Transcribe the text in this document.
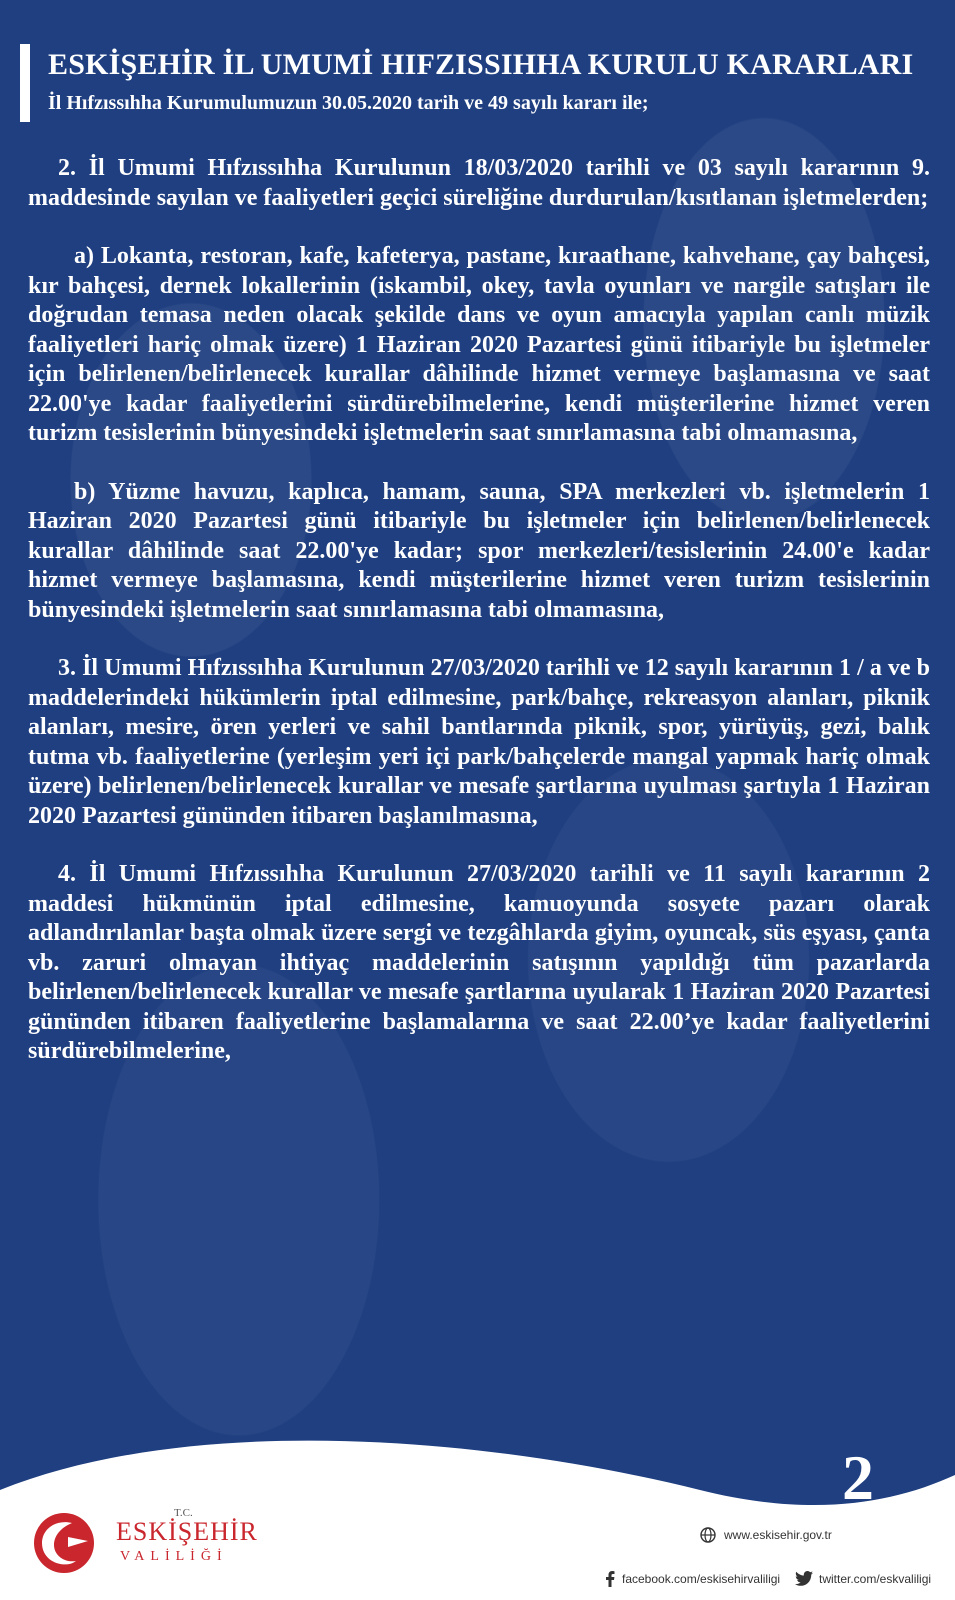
ESKİŞEHİR İL UMUMİ HIFZISSIHHA KURULU KARARLARI
İl Hıfzıssıhha Kurumulumuzun 30.05.2020 tarih ve 49 sayılı kararı ile;

2. İl Umumi Hıfzıssıhha Kurulunun 18/03/2020 tarihli ve 03 sayılı kararının 9. maddesinde sayılan ve faaliyetleri geçici süreliğine durdurulan/kısıtlanan işletmelerden;

a) Lokanta, restoran, kafe, kafeterya, pastane, kıraathane, kahvehane, çay bahçesi, kır bahçesi, dernek lokallerinin (iskambil, okey, tavla oyunları ve nargile satışları ile doğrudan temasa neden olacak şekilde dans ve oyun amacıyla yapılan canlı müzik faaliyetleri hariç olmak üzere) 1 Haziran 2020 Pazartesi günü itibariyle bu işletmeler için belirlenen/belirlenecek kurallar dâhilinde hizmet vermeye başlamasına ve saat 22.00'ye kadar faaliyetlerini sürdürebilmelerine, kendi müşterilerine hizmet veren turizm tesislerinin bünyesindeki işletmelerin saat sınırlamasına tabi olmamasına,

b) Yüzme havuzu, kaplıca, hamam, sauna, SPA merkezleri vb. işletmelerin 1 Haziran 2020 Pazartesi günü itibariyle bu işletmeler için belirlenen/belirlenecek kurallar dâhilinde saat 22.00'ye kadar; spor merkezleri/tesislerinin 24.00'e kadar hizmet vermeye başlamasına, kendi müşterilerine hizmet veren turizm tesislerinin bünyesindeki işletmelerin saat sınırlamasına tabi olmamasına,

3. İl Umumi Hıfzıssıhha Kurulunun 27/03/2020 tarihli ve 12 sayılı kararının 1 / a ve b maddelerindeki hükümlerin iptal edilmesine, park/bahçe, rekreasyon alanları, piknik alanları, mesire, ören yerleri ve sahil bantlarında piknik, spor, yürüyüş, gezi, balık tutma vb. faaliyetlerine (yerleşim yeri içi park/bahçelerde mangal yapmak hariç olmak üzere) belirlenen/belirlenecek kurallar ve mesafe şartlarına uyulması şartıyla 1 Haziran 2020 Pazartesi gününden itibaren başlanılmasına,

4. İl Umumi Hıfzıssıhha Kurulunun 27/03/2020 tarihli ve 11 sayılı kararının 2 maddesi hükmünün iptal edilmesine, kamuoyunda sosyete pazarı olarak adlandırılanlar başta olmak üzere sergi ve tezgâhlarda giyim, oyuncak, süs eşyası, çanta vb. zaruri olmayan ihtiyaç maddelerinin satışının yapıldığı tüm pazarlarda belirlenen/belirlenecek kurallar ve mesafe şartlarına uyularak 1 Haziran 2020 Pazartesi gününden itibaren faaliyetlerine başlamalarına ve saat 22.00’ye kadar faaliyetlerini sürdürebilmelerine,

2
T.C.
ESKİŞEHİR
VALİLİĞİ
www.eskisehir.gov.tr
facebook.com/eskisehirvaliligi	twitter.com/eskvaliligi
